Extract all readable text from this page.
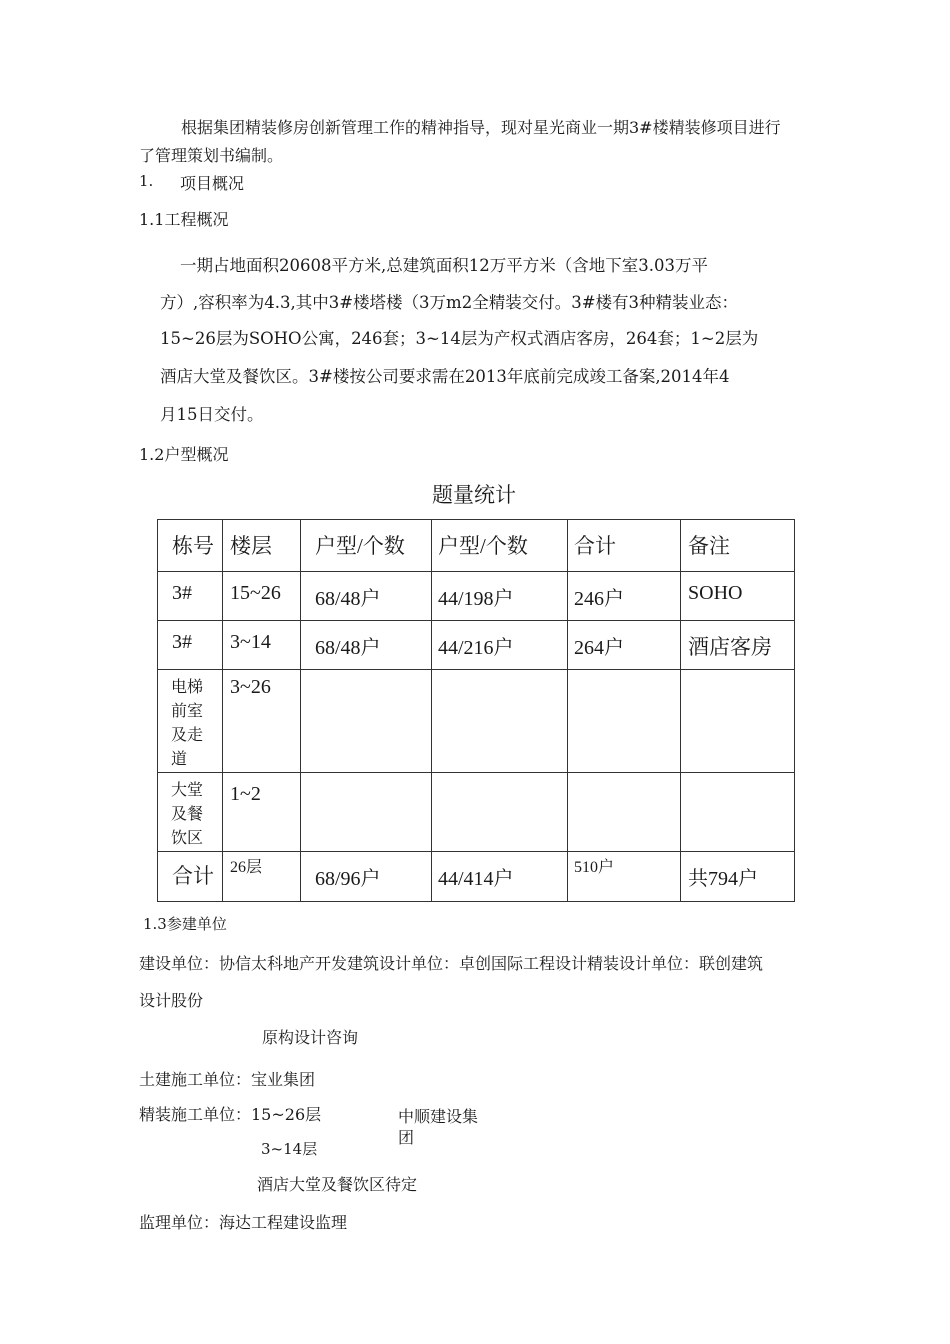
根据集团精装修房创新管理工作的精神指导，现对星光商业一期3#楼精装修项目进行
了管理策划书编制。
1. 项目概况
1.1工程概况
一期占地面积20608平方米,总建筑面积12万平方米（含地下室3.03万平
方）,容积率为4.3,其中3#楼塔楼（3万m2全精装交付。3#楼有3种精装业态：
15~26层为SOHO公寓，246套；3~14层为产权式酒店客房，264套；1~2层为
酒店大堂及餐饮区。3#楼按公司要求需在2013年底前完成竣工备案,2014年4
月15日交付。
1.2户型概况
题量统计
栋号	楼层	户型/个数	户型/个数	合计	备注
3#	15~26	68/48户	44/198户	246户	SOHO
3#	3~14	68/48户	44/216户	264户	酒店客房

电梯前室及走道	3~26				

大堂及餐饮区	1~2				
合计	26层	68/96户	44/414户	510户	共794户
1.3参建单位
建设单位：协信太科地产开发建筑设计单位：卓创国际工程设计精装设计单位：联创建筑
设计股份
原构设计咨询
土建施工单位：宝业集团
精装施工单位：15~26层	中顺建设集团
3~14层
酒店大堂及餐饮区待定
监理单位：海达工程建设监理
